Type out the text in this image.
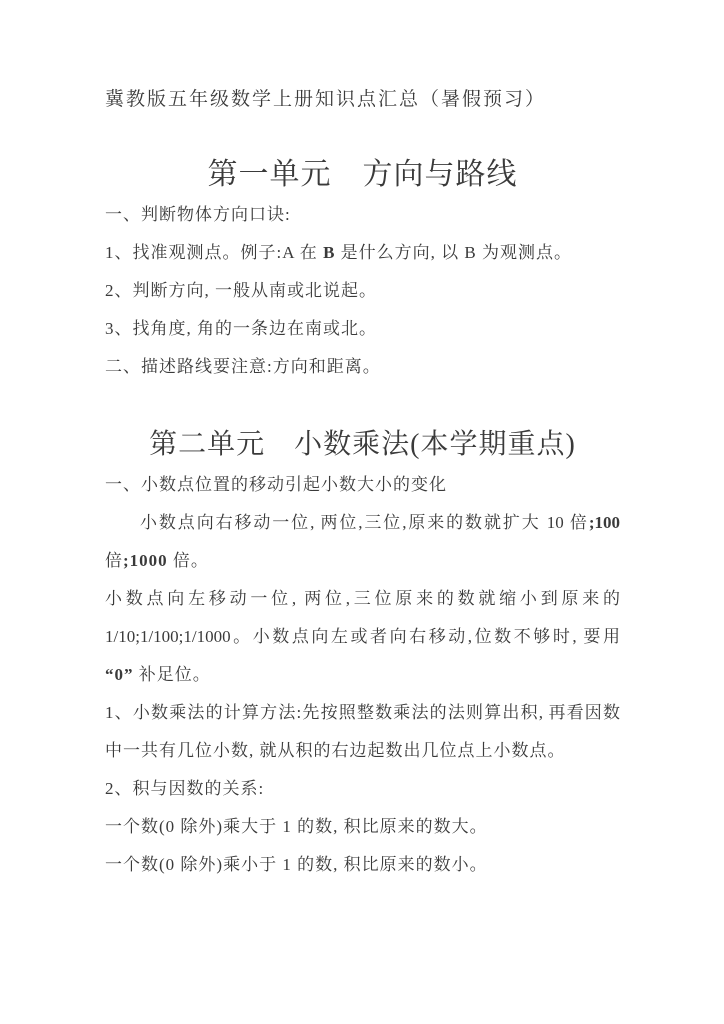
冀教版五年级数学上册知识点汇总（暑假预习）
第一单元　方向与路线
一、判断物体方向口诀:
1、找准观测点。例子:A 在 B 是什么方向, 以 B 为观测点。
2、判断方向, 一般从南或北说起。
3、找角度, 角的一条边在南或北。
二、描述路线要注意:方向和距离。
第二单元　小数乘法(本学期重点)
一、小数点位置的移动引起小数大小的变化
小数点向右移动一位, 两位,三位,原来的数就扩大 10 倍;100
倍;1000 倍。
小数点向左移动一位, 两位,三位原来的数就缩小到原来的
1/10;1/100;1/1000。小数点向左或者向右移动,位数不够时, 要用
“0” 补足位。
1、小数乘法的计算方法:先按照整数乘法的法则算出积, 再看因数
中一共有几位小数, 就从积的右边起数出几位点上小数点。
2、积与因数的关系:
一个数(0 除外)乘大于 1 的数, 积比原来的数大。
一个数(0 除外)乘小于 1 的数, 积比原来的数小。
